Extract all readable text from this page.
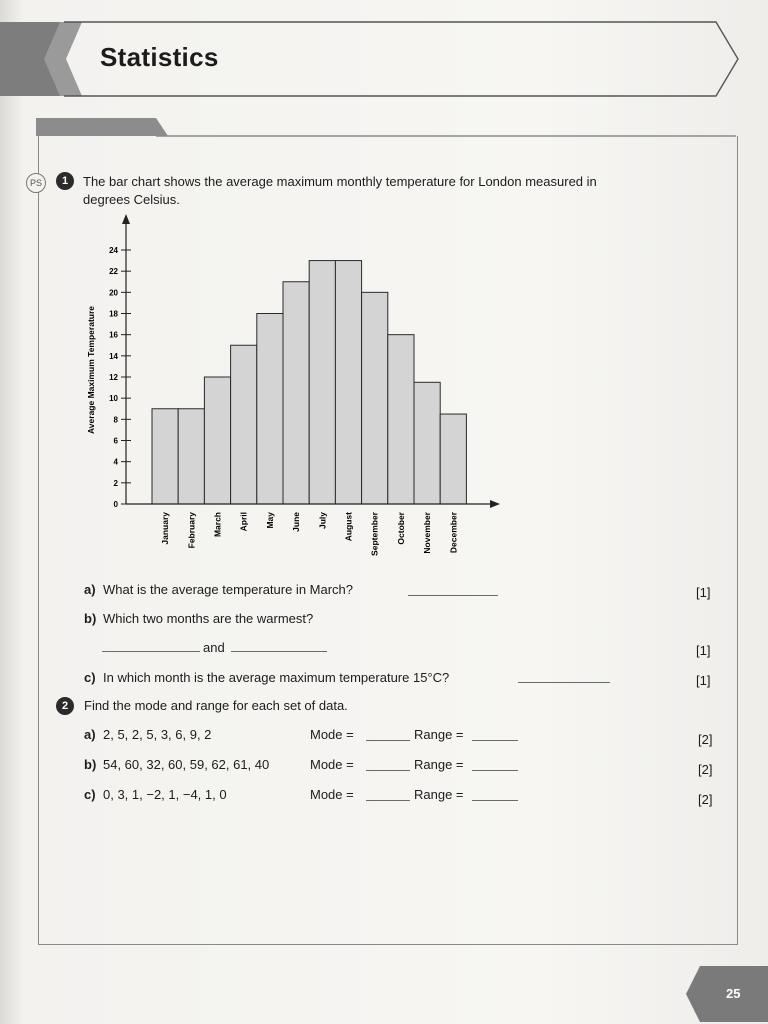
Statistics
PS	1	The bar chart shows the average maximum monthly temperature for London measured in
degrees Celsius.
January February March April May June July August September October November December
0
2
4
6
8
10
12
14
16
18
20
22
24
Average Maximum Temperature
a) What is the average temperature in March?	[1]
b) Which two months are the warmest?
and	[1]
c) In which month is the average maximum temperature 15°C?	[1]
2	Find the mode and range for each set of data.
a) 2, 5, 2, 5, 3, 6, 9, 2	Mode =	Range =	[2]
b) 54, 60, 32, 60, 59, 62, 61, 40	Mode =	Range =	[2]
c) 0, 3, 1, −2, 1, −4, 1, 0	Mode =	Range =	[2]
25
